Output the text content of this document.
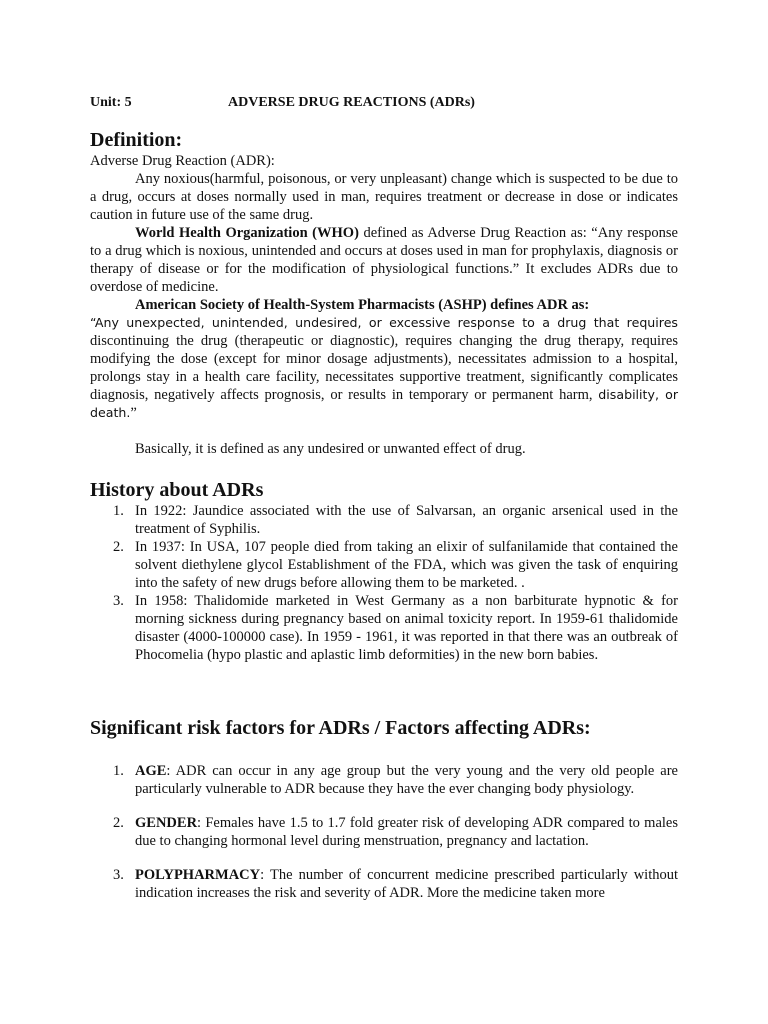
Unit: 5	ADVERSE DRUG REACTIONS (ADRs)
Definition:

Adverse Drug Reaction (ADR):

Any noxious(harmful, poisonous, or very unpleasant) change which is suspected to be due to a drug, occurs at doses normally used in man, requires treatment or decrease in dose or indicates caution in future use of the same drug.

World Health Organization (WHO) defined as Adverse Drug Reaction as: “Any response to a drug which is noxious, unintended and occurs at doses used in man for prophylaxis, diagnosis or therapy of disease or for the modification of physiological functions.” It excludes ADRs due to overdose of medicine.

American Society of Health-System Pharmacists (ASHP) defines ADR as:

“Any unexpected, unintended, undesired, or excessive response to a drug that requires discontinuing the drug (therapeutic or diagnostic), requires changing the drug therapy, requires modifying the dose (except for minor dosage adjustments), necessitates admission to a hospital, prolongs stay in a health care facility, necessitates supportive treatment, significantly complicates diagnosis, negatively affects prognosis, or results in temporary or permanent harm, disability, or death.”

Basically, it is defined as any undesired or unwanted effect of drug.

History about ADRs
1. In 1922: Jaundice associated with the use of Salvarsan, an organic arsenical used in the treatment of Syphilis.
2. In 1937: In USA, 107 people died from taking an elixir of sulfanilamide that contained the solvent diethylene glycol Establishment of the FDA, which was given the task of enquiring into the safety of new drugs before allowing them to be marketed. .
3. In 1958: Thalidomide marketed in West Germany as a non barbiturate hypnotic & for morning sickness during pregnancy based on animal toxicity report. In 1959-61 thalidomide disaster (4000-100000 case). In 1959 - 1961, it was reported in that there was an outbreak of Phocomelia (hypo plastic and aplastic limb deformities) in the new born babies.
Significant risk factors for ADRs / Factors affecting ADRs:
1. AGE: ADR can occur in any age group but the very young and the very old people are particularly vulnerable to ADR because they have the ever changing body physiology.
2. GENDER: Females have 1.5 to 1.7 fold greater risk of developing ADR compared to males due to changing hormonal level during menstruation, pregnancy and lactation.
3. POLYPHARMACY: The number of concurrent medicine prescribed particularly without indication increases the risk and severity of ADR. More the medicine taken more
